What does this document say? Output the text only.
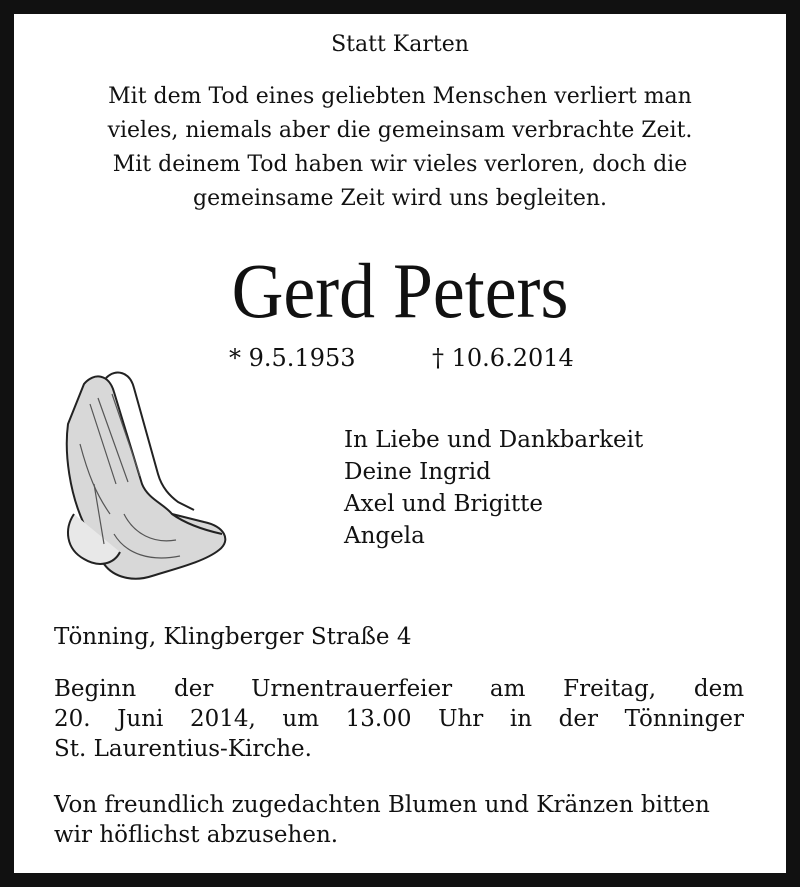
Statt Karten
Mit dem Tod eines geliebten Menschen verliert man
vieles, niemals aber die gemeinsam verbrachte Zeit.
Mit deinem Tod haben wir vieles verloren, doch die
gemeinsame Zeit wird uns begleiten.
Gerd Peters
* 9.5.1953	† 10.6.2014
In Liebe und Dankbarkeit
Deine Ingrid
Axel und Brigitte
Angela
Tönning, Klingberger Straße 4
Beginn der Urnentrauerfeier am Freitag, dem
20. Juni 2014, um 13.00 Uhr in der Tönninger
St. Laurentius-Kirche.
Von freundlich zugedachten Blumen und Kränzen bitten
wir höflichst abzusehen.
